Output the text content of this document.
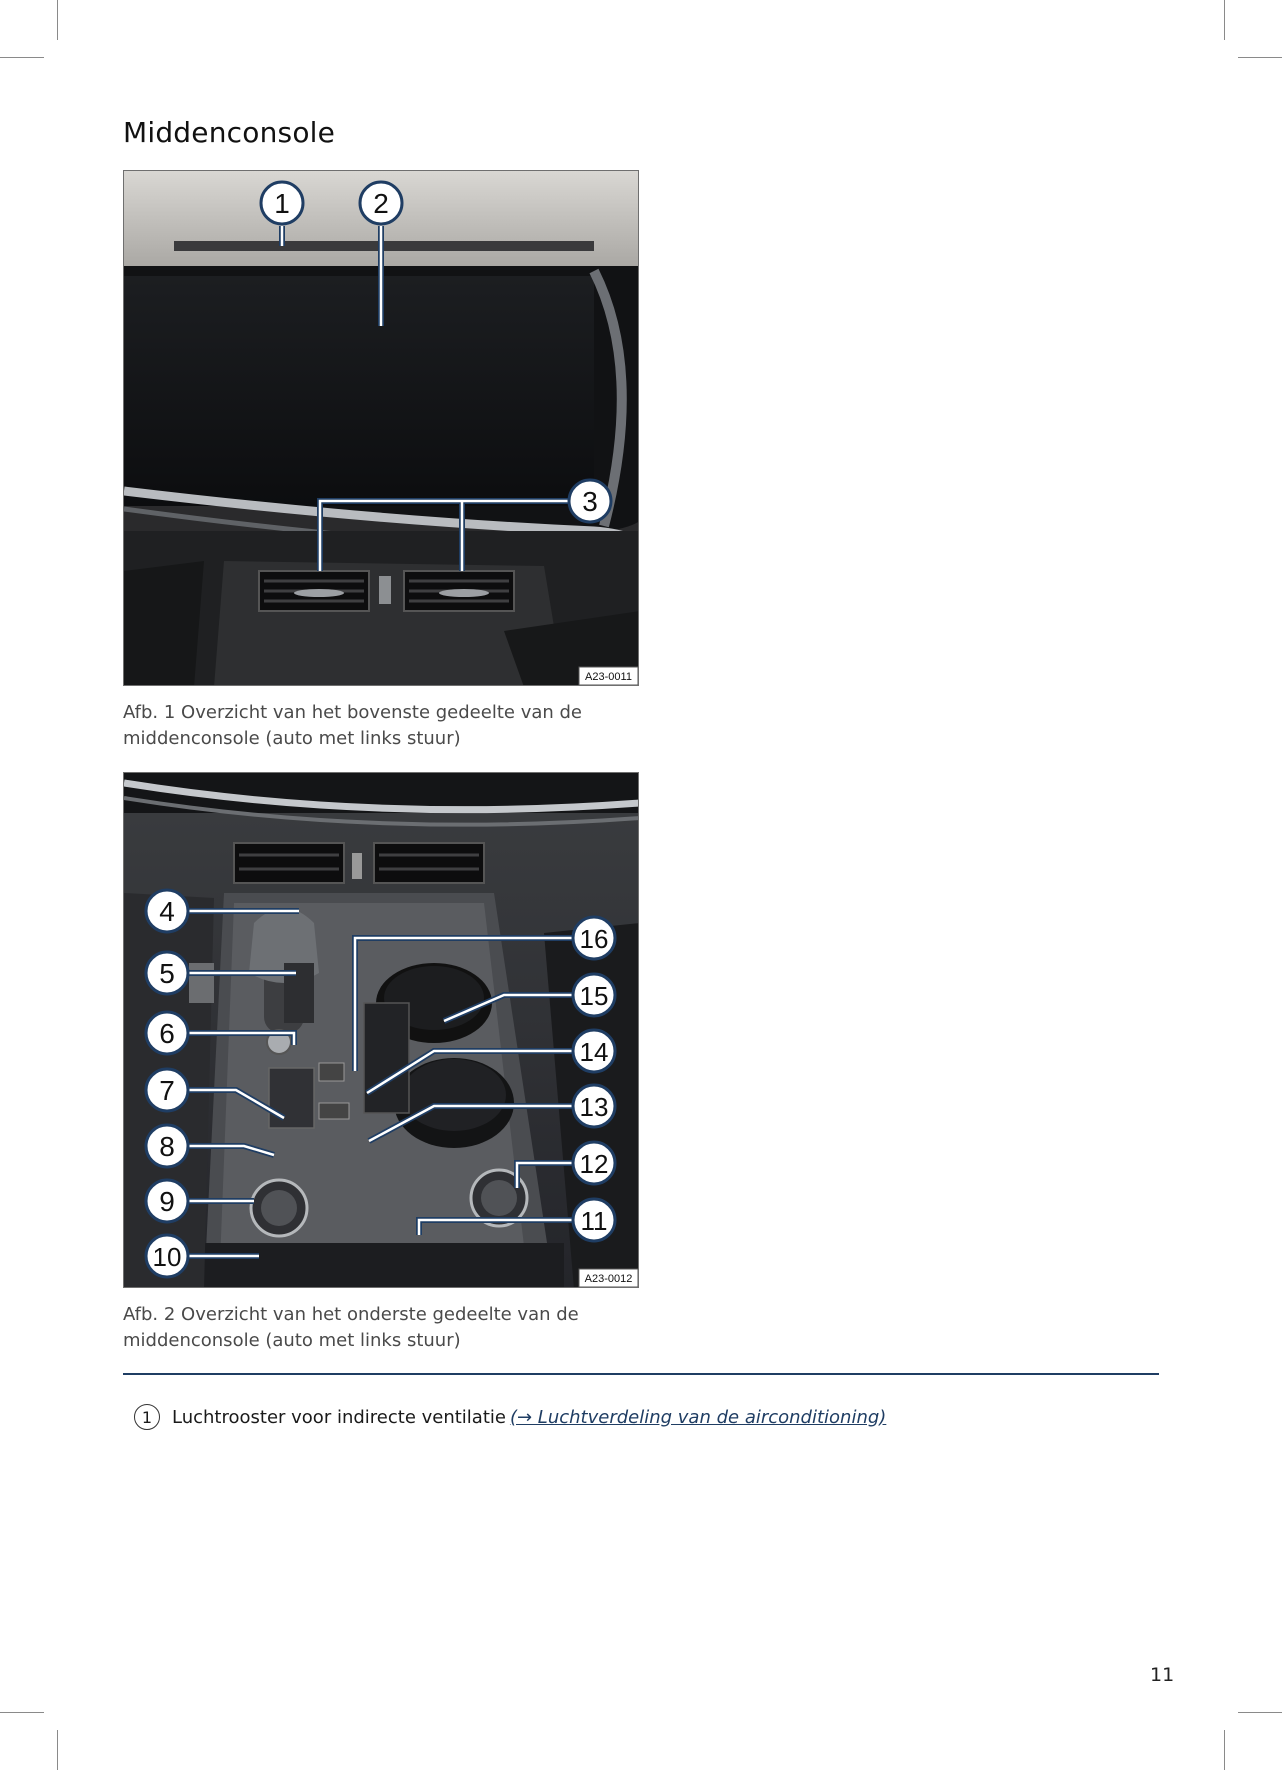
Middenconsole
1	2
3
A23-0011
Afb. 1 Overzicht van het bovenste gedeelte van de middenconsole (auto met links stuur)
4
5
6
7
8
9
10
16
15
14
13
12
11
A23-0012
Afb. 2 Overzicht van het onderste gedeelte van de middenconsole (auto met links stuur)
1	Luchtrooster voor indirecte ventilatie (→ Luchtverdeling van de airconditioning)
11
